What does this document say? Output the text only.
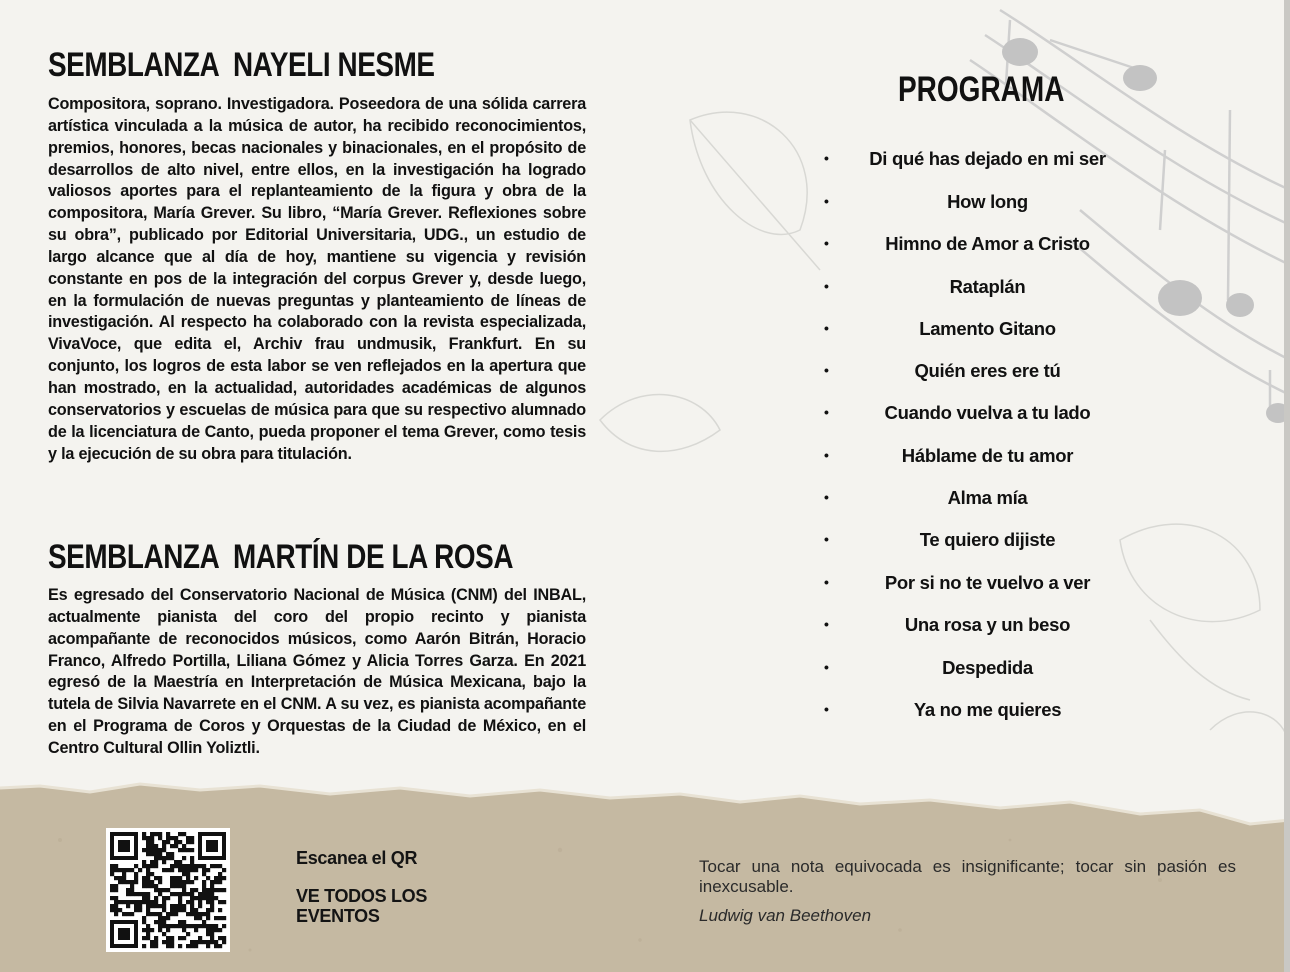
SEMBLANZA  NAYELI NESME

Compositora, soprano. Investigadora. Poseedora de una sólida carrera artística vinculada a la música de autor, ha recibido reconocimientos, premios, honores, becas nacionales y binacionales, en el propósito de desarrollos de alto nivel, entre ellos, en la investigación ha logrado valiosos aportes para el replanteamiento de la figura y obra de la compositora, María Grever. Su libro, “María Grever. Reflexiones sobre su obra”, publicado por Editorial Universitaria, UDG., un estudio de largo alcance que al día de hoy, mantiene su vigencia y revisión constante en pos de la integración del corpus Grever y, desde luego, en la formulación de nuevas preguntas y planteamiento de líneas de investigación. Al respecto ha colaborado con la revista especializada, VivaVoce, que edita el, Archiv frau undmusik, Frankfurt. En su conjunto, los logros de esta labor se ven reflejados en la apertura que han mostrado, en la actualidad, autoridades académicas de algunos conservatorios y escuelas de música para que su respectivo alumnado de la licenciatura de Canto, pueda proponer el tema Grever, como tesis y la ejecución de su obra para titulación.

SEMBLANZA  MARTÍN DE LA ROSA

Es egresado del Conservatorio Nacional de Música (CNM) del INBAL, actualmente pianista del coro del propio recinto y pianista acompañante de reconocidos músicos, como Aarón Bitrán, Horacio Franco, Alfredo Portilla, Liliana Gómez y Alicia Torres Garza. En 2021 egresó de la Maestría en Interpretación de Música Mexicana, bajo la tutela de Silvia Navarrete en el CNM. A su vez, es pianista acompañante en el Programa de Coros y Orquestas de la Ciudad de México, en el Centro Cultural Ollin Yoliztli.

PROGRAMA
•	Di qué has dejado en mi ser
•	How long
•	Himno de Amor a Cristo
•	Rataplán
•	Lamento Gitano
•	Quién eres ere tú
•	Cuando vuelva a tu lado
•	Háblame de tu amor
•	Alma mía
•	Te quiero dijiste
•	Por si no te vuelvo a ver
•	Una rosa y un beso
•	Despedida
•	Ya no me quieres

Escanea el QR

VE TODOS LOS EVENTOS

Tocar una nota equivocada es insignificante; tocar sin pasión es inexcusable.

Ludwig van Beethoven
